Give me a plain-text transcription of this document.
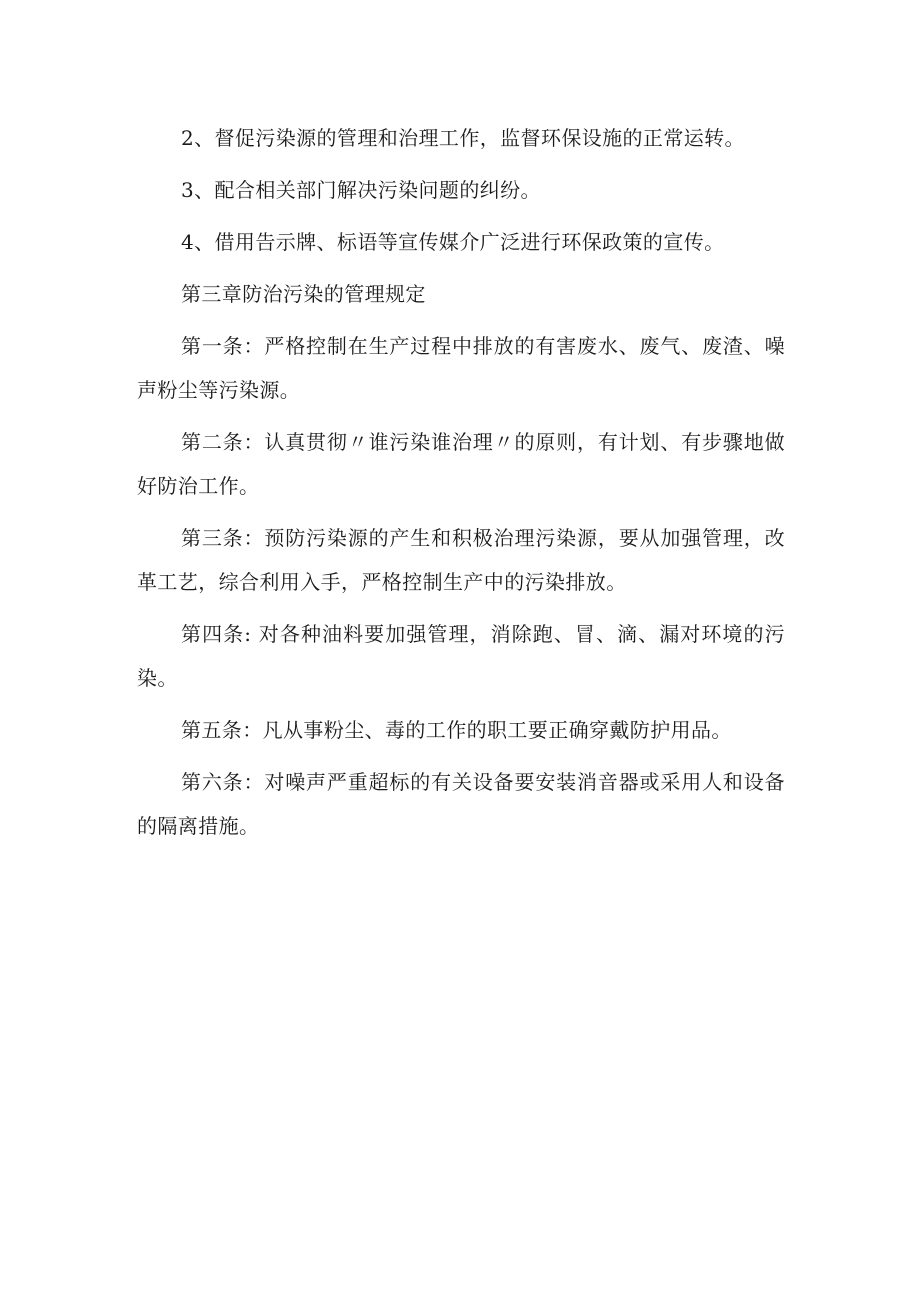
2、督促污染源的管理和治理工作，监督环保设施的正常运转。

3、配合相关部门解决污染问题的纠纷。

4、借用告示牌、标语等宣传媒介广泛进行环保政策的宣传。

第三章防治污染的管理规定

第一条：严格控制在生产过程中排放的有害废水、废气、废渣、噪声粉尘等污染源。

第二条：认真贯彻〃谁污染谁治理〃的原则，有计划、有步骤地做好防治工作。

第三条：预防污染源的产生和积极治理污染源，要从加强管理，改革工艺，综合利用入手，严格控制生产中的污染排放。

第四条: 对各种油料要加强管理，消除跑、冒、滴、漏对环境的污染。

第五条：凡从事粉尘、毒的工作的职工要正确穿戴防护用品。

第六条：对噪声严重超标的有关设备要安装消音器或采用人和设备的隔离措施。
